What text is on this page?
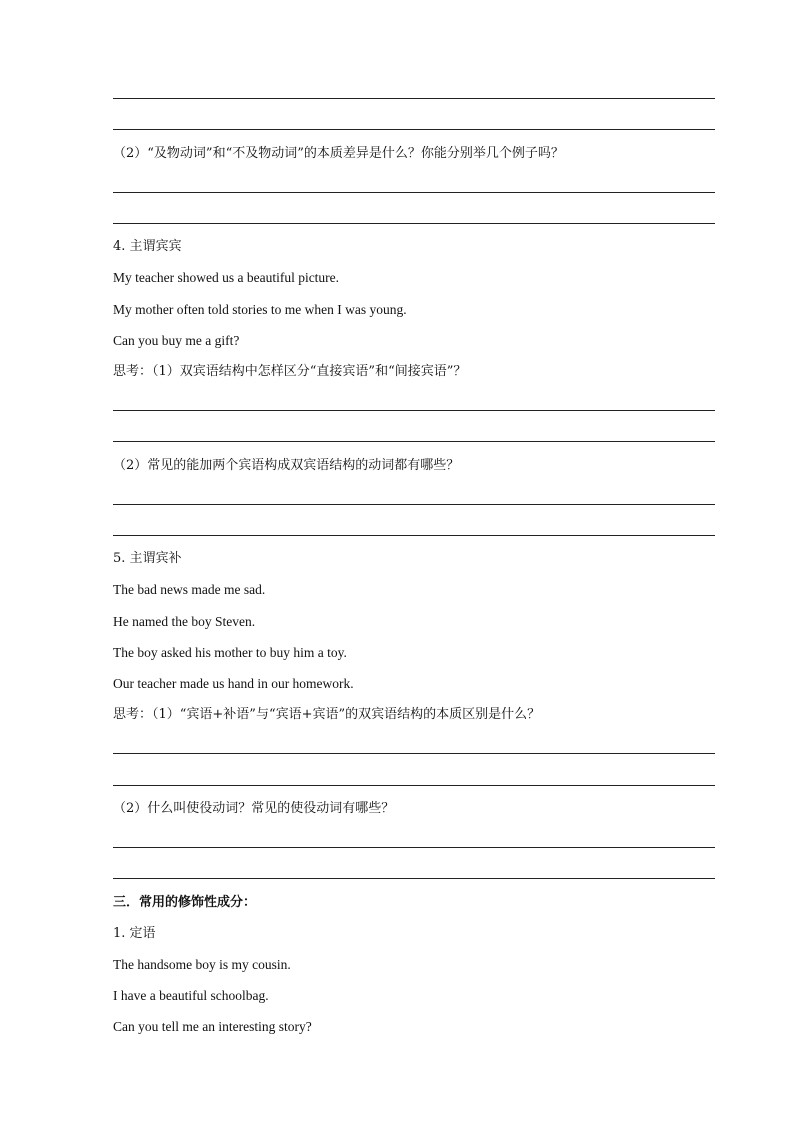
（2）“及物动词”和“不及物动词”的本质差异是什么？你能分别举几个例子吗？
4. 主谓宾宾
My teacher showed us a beautiful picture.
My mother often told stories to me when I was young.
Can you buy me a gift?
思考：（1）双宾语结构中怎样区分“直接宾语”和“间接宾语”？
（2）常见的能加两个宾语构成双宾语结构的动词都有哪些？
5. 主谓宾补
The bad news made me sad.
He named the boy Steven.
The boy asked his mother to buy him a toy.
Our teacher made us hand in our homework.
思考：（1）“宾语+补语”与“宾语+宾语”的双宾语结构的本质区别是什么？
（2）什么叫使役动词？常见的使役动词有哪些？
三．常用的修饰性成分：
1. 定语
The handsome boy is my cousin.
I have a beautiful schoolbag.
Can you tell me an interesting story?
